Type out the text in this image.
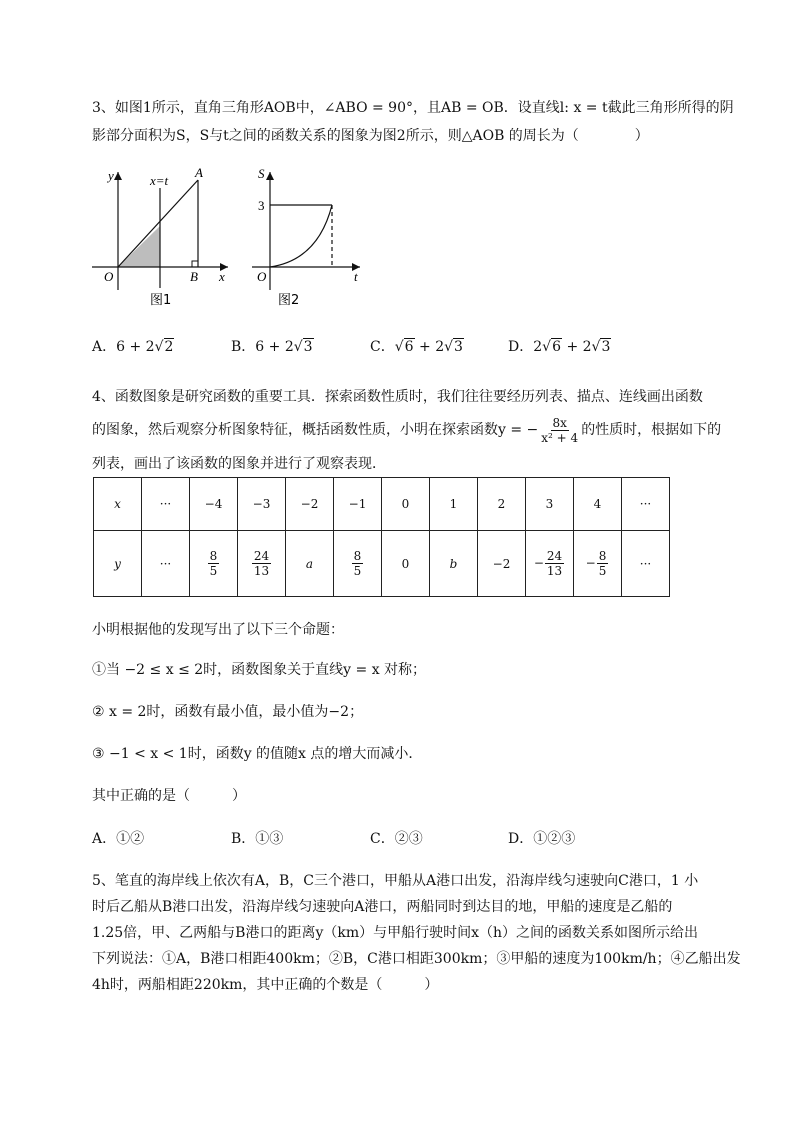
3、如图1所示，直角三角形AOB中，∠ABO = 90°，且AB = OB．设直线l: x = t截此三角形所得的阴
影部分面积为S，S与t之间的函数关系的图象为图2所示，则△AOB 的周长为（　　　　）
y	x=t
A
O	B x
图1
S
3
O	t
图2
A．6 + 2√2	B．6 + 2√3	C．√6 + 2√3	D．2√6 + 2√3
4、函数图象是研究函数的重要工具．探索函数性质时，我们往往要经历列表、描点、连线画出函数
的图象，然后观察分析图象特征，概括函数性质，小明在探索函数y = − $\frac{8x}{\text{x² + 4}}$ 的性质时，根据如下的
列表，画出了该函数的图象并进行了观察表现．
x	···	−4	−3	−2	−1	0	1	2	3	4	···
y	···	$\frac{8}{5}$	$\frac{24}{13}$	a	$\frac{8}{5}$	0	b	−2	− $\frac{24}{13}$	− $\frac{8}{5}$	···
小明根据他的发现写出了以下三个命题：
①当 −2 ≤ x ≤ 2时，函数图象关于直线y = x 对称；
② x = 2时，函数有最小值，最小值为−2；
③ −1 < x < 1时，函数y 的值随x 点的增大而减小．
其中正确的是（　　　）
A．①②	B．①③	C．②③	D．①②③
5、笔直的海岸线上依次有A，B，C三个港口，甲船从A港口出发，沿海岸线匀速驶向C港口，1 小
时后乙船从B港口出发，沿海岸线匀速驶向A港口，两船同时到达目的地，甲船的速度是乙船的
1.25倍，甲、乙两船与B港口的距离y（km）与甲船行驶时间x（h）之间的函数关系如图所示给出
下列说法：①A，B港口相距400km；②B，C港口相距300km；③甲船的速度为100km/h；④乙船出发
4h时，两船相距220km，其中正确的个数是（　　　）
